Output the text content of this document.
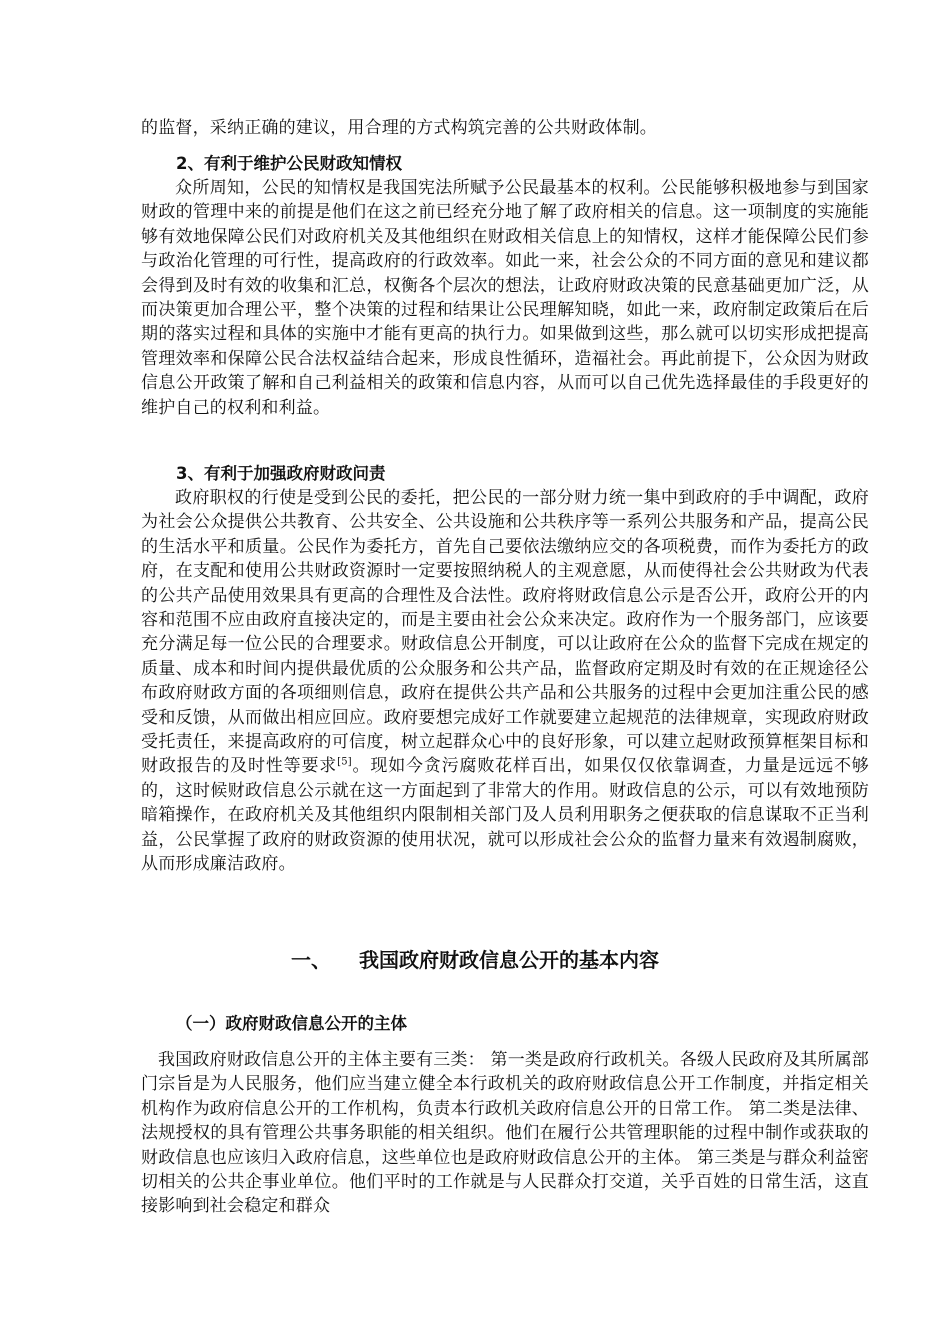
的监督，采纳正确的建议，用合理的方式构筑完善的公共财政体制。

2、有利于维护公民财政知情权

众所周知，公民的知情权是我国宪法所赋予公民最基本的权利。公民能够积极地参与到国家财政的管理中来的前提是他们在这之前已经充分地了解了政府相关的信息。这一项制度的实施能够有效地保障公民们对政府机关及其他组织在财政相关信息上的知情权，这样才能保障公民们参与政治化管理的可行性，提高政府的行政效率。如此一来，社会公众的不同方面的意见和建议都会得到及时有效的收集和汇总，权衡各个层次的想法，让政府财政决策的民意基础更加广泛，从而决策更加合理公平，整个决策的过程和结果让公民理解知晓，如此一来，政府制定政策后在后期的落实过程和具体的实施中才能有更高的执行力。如果做到这些，那么就可以切实形成把提高管理效率和保障公民合法权益结合起来，形成良性循环，造福社会。再此前提下，公众因为财政信息公开政策了解和自己利益相关的政策和信息内容，从而可以自己优先选择最佳的手段更好的维护自己的权利和利益。

3、有利于加强政府财政问责

政府职权的行使是受到公民的委托，把公民的一部分财力统一集中到政府的手中调配，政府为社会公众提供公共教育、公共安全、公共设施和公共秩序等一系列公共服务和产品，提高公民的生活水平和质量。公民作为委托方，首先自己要依法缴纳应交的各项税费，而作为委托方的政府，在支配和使用公共财政资源时一定要按照纳税人的主观意愿，从而使得社会公共财政为代表的公共产品使用效果具有更高的合理性及合法性。政府将财政信息公示是否公开，政府公开的内容和范围不应由政府直接决定的，而是主要由社会公众来决定。政府作为一个服务部门，应该要充分满足每一位公民的合理要求。财政信息公开制度，可以让政府在公众的监督下完成在规定的质量、成本和时间内提供最优质的公众服务和公共产品，监督政府定期及时有效的在正规途径公布政府财政方面的各项细则信息，政府在提供公共产品和公共服务的过程中会更加注重公民的感受和反馈，从而做出相应回应。政府要想完成好工作就要建立起规范的法律规章，实现政府财政受托责任，来提高政府的可信度，树立起群众心中的良好形象，可以建立起财政预算框架目标和财政报告的及时性等要求[5]。现如今贪污腐败花样百出，如果仅仅依靠调查，力量是远远不够的，这时候财政信息公示就在这一方面起到了非常大的作用。财政信息的公示，可以有效地预防暗箱操作，在政府机关及其他组织内限制相关部门及人员利用职务之便获取的信息谋取不正当利益，公民掌握了政府的财政资源的使用状况，就可以形成社会公众的监督力量来有效遏制腐败，从而形成廉洁政府。

一、 我国政府财政信息公开的基本内容
（一）政府财政信息公开的主体

我国政府财政信息公开的主体主要有三类： 第一类是政府行政机关。各级人民政府及其所属部门宗旨是为人民服务，他们应当建立健全本行政机关的政府财政信息公开工作制度，并指定相关机构作为政府信息公开的工作机构，负责本行政机关政府信息公开的日常工作。 第二类是法律、法规授权的具有管理公共事务职能的相关组织。他们在履行公共管理职能的过程中制作或获取的财政信息也应该归入政府信息，这些单位也是政府财政信息公开的主体。 第三类是与群众利益密切相关的公共企事业单位。他们平时的工作就是与人民群众打交道，关乎百姓的日常生活，这直接影响到社会稳定和群众
